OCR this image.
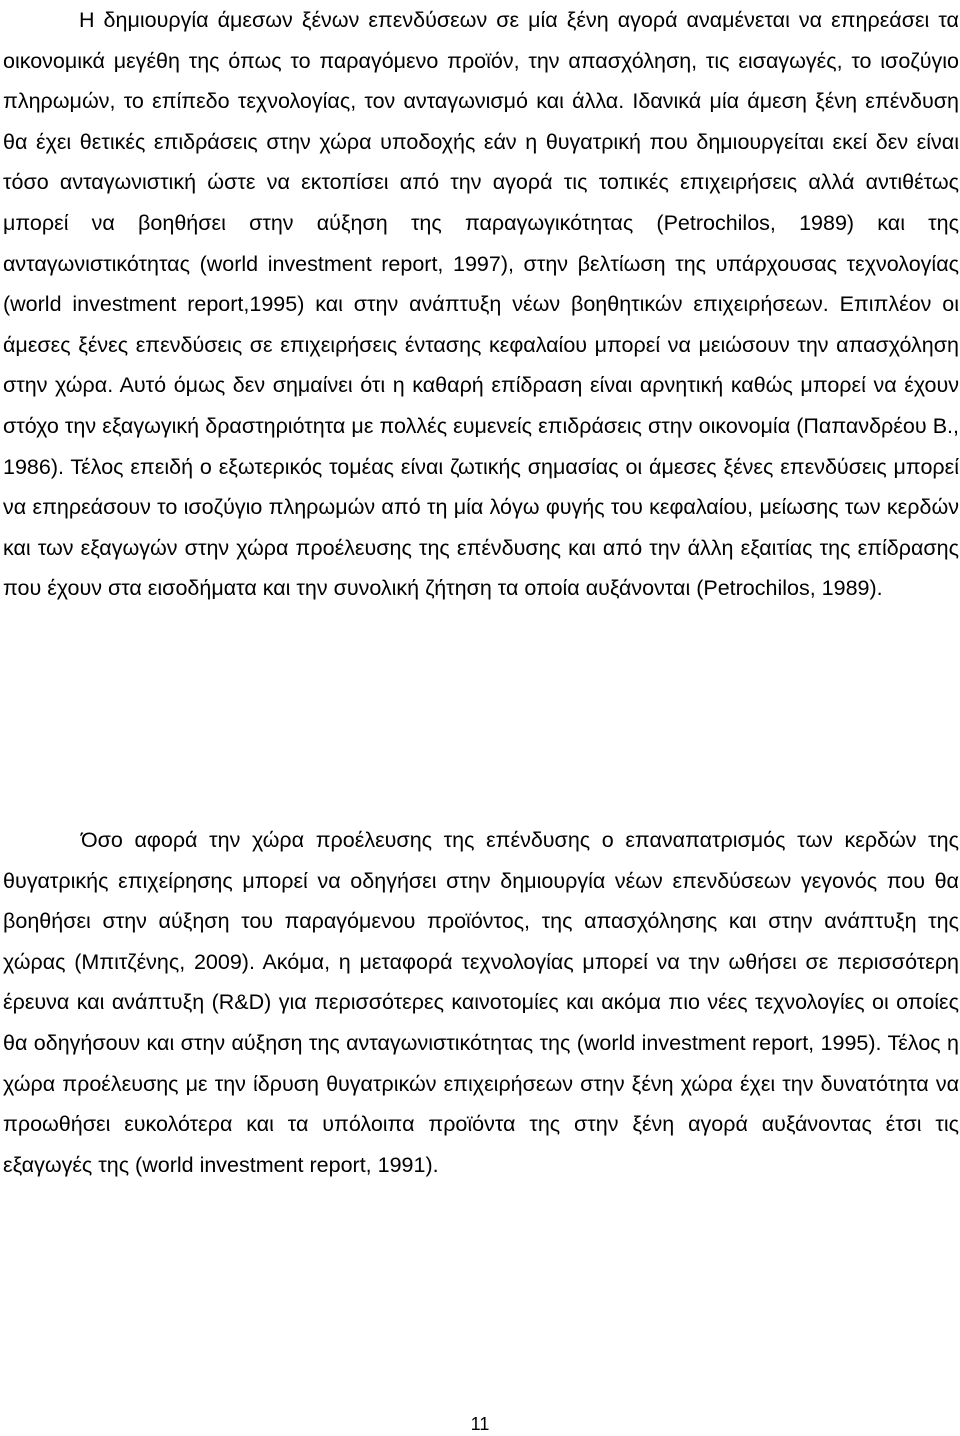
Η δημιουργία άμεσων ξένων επενδύσεων σε μία ξένη αγορά αναμένεται να επηρεάσει τα οικονομικά μεγέθη της όπως το παραγόμενο προϊόν, την απασχόληση, τις εισαγωγές, το ισοζύγιο πληρωμών, το επίπεδο τεχνολογίας, τον ανταγωνισμό και άλλα. Ιδανικά μία άμεση ξένη επένδυση θα έχει θετικές επιδράσεις στην χώρα υποδοχής εάν η θυγατρική που δημιουργείται εκεί δεν είναι τόσο ανταγωνιστική ώστε να εκτοπίσει από την αγορά τις τοπικές επιχειρήσεις αλλά αντιθέτως μπορεί να βοηθήσει στην αύξηση της παραγωγικότητας (Petrochilos, 1989) και της ανταγωνιστικότητας (world investment report, 1997), στην βελτίωση της υπάρχουσας τεχνολογίας (world investment report,1995) και στην ανάπτυξη νέων βοηθητικών επιχειρήσεων. Επιπλέον οι άμεσες ξένες επενδύσεις σε επιχειρήσεις έντασης κεφαλαίου μπορεί να μειώσουν την απασχόληση στην χώρα. Αυτό όμως δεν σημαίνει ότι η καθαρή επίδραση είναι αρνητική καθώς μπορεί να έχουν στόχο την εξαγωγική δραστηριότητα με πολλές ευμενείς επιδράσεις στην οικονομία (Παπανδρέου Β., 1986). Τέλος επειδή ο εξωτερικός τομέας είναι ζωτικής σημασίας οι άμεσες ξένες επενδύσεις μπορεί να επηρεάσουν το ισοζύγιο πληρωμών από τη μία λόγω φυγής του κεφαλαίου, μείωσης των κερδών και των εξαγωγών στην χώρα προέλευσης της επένδυσης και από την άλλη εξαιτίας της επίδρασης που έχουν στα εισοδήματα και την συνολική ζήτηση τα οποία αυξάνονται (Petrochilos, 1989).

Όσο αφορά την χώρα προέλευσης της επένδυσης ο επαναπατρισμός των κερδών της θυγατρικής επιχείρησης μπορεί να οδηγήσει στην δημιουργία νέων επενδύσεων γεγονός που θα βοηθήσει στην αύξηση του παραγόμενου προϊόντος, της απασχόλησης και στην ανάπτυξη της χώρας (Μπιτζένης, 2009). Ακόμα, η μεταφορά τεχνολογίας μπορεί να την ωθήσει σε περισσότερη έρευνα και ανάπτυξη (R&D) για περισσότερες καινοτομίες και ακόμα πιο νέες τεχνολογίες οι οποίες θα οδηγήσουν και στην αύξηση της ανταγωνιστικότητας της (world investment report, 1995). Τέλος η χώρα προέλευσης με την ίδρυση θυγατρικών επιχειρήσεων στην ξένη χώρα έχει την δυνατότητα να προωθήσει ευκολότερα και τα υπόλοιπα προϊόντα της στην ξένη αγορά αυξάνοντας έτσι τις εξαγωγές της (world investment report, 1991).

11
